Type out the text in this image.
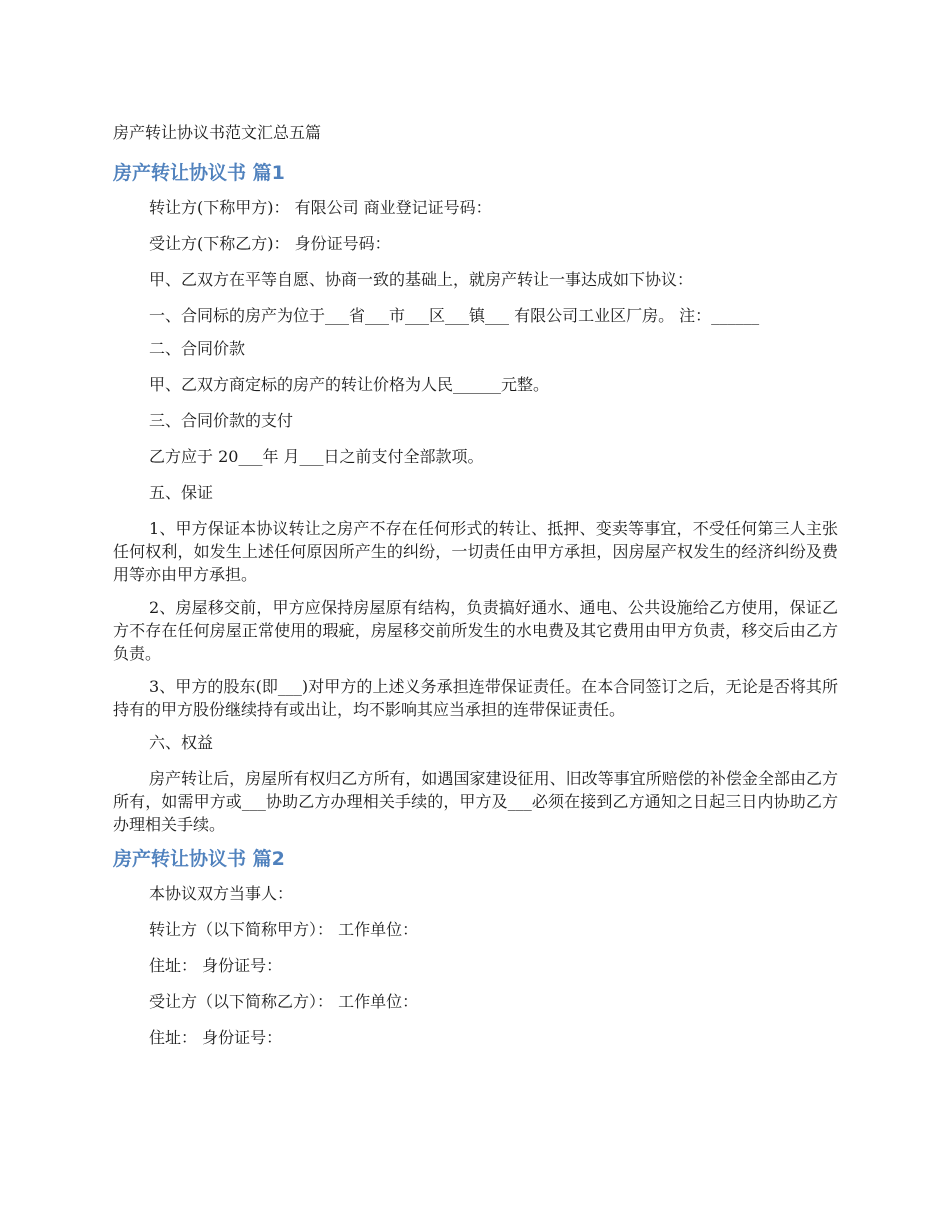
房产转让协议书范文汇总五篇
房产转让协议书 篇1

转让方(下称甲方)： 有限公司 商业登记证号码：

受让方(下称乙方)： 身份证号码：

甲、乙双方在平等自愿、协商一致的基础上，就房产转让一事达成如下协议：

一、合同标的房产为位于___省___市___区___镇___ 有限公司工业区厂房。 注：______

二、合同价款

甲、乙双方商定标的房产的转让价格为人民______元整。

三、合同价款的支付

乙方应于 20___年 月___日之前支付全部款项。

五、保证

1、甲方保证本协议转让之房产不存在任何形式的转让、抵押、变卖等事宜，不受任何第三人主张任何权利，如发生上述任何原因所产生的纠纷，一切责任由甲方承担，因房屋产权发生的经济纠纷及费用等亦由甲方承担。

2、房屋移交前，甲方应保持房屋原有结构，负责搞好通水、通电、公共设施给乙方使用，保证乙方不存在任何房屋正常使用的瑕疵，房屋移交前所发生的水电费及其它费用由甲方负责，移交后由乙方负责。

3、甲方的股东(即___)对甲方的上述义务承担连带保证责任。在本合同签订之后，无论是否将其所持有的甲方股份继续持有或出让，均不影响其应当承担的连带保证责任。

六、权益

房产转让后，房屋所有权归乙方所有，如遇国家建设征用、旧改等事宜所赔偿的补偿金全部由乙方所有，如需甲方或___协助乙方办理相关手续的，甲方及___必须在接到乙方通知之日起三日内协助乙方办理相关手续。

房产转让协议书 篇2

本协议双方当事人：

转让方（以下简称甲方）： 工作单位：

住址： 身份证号：

受让方（以下简称乙方）： 工作单位：

住址： 身份证号：
